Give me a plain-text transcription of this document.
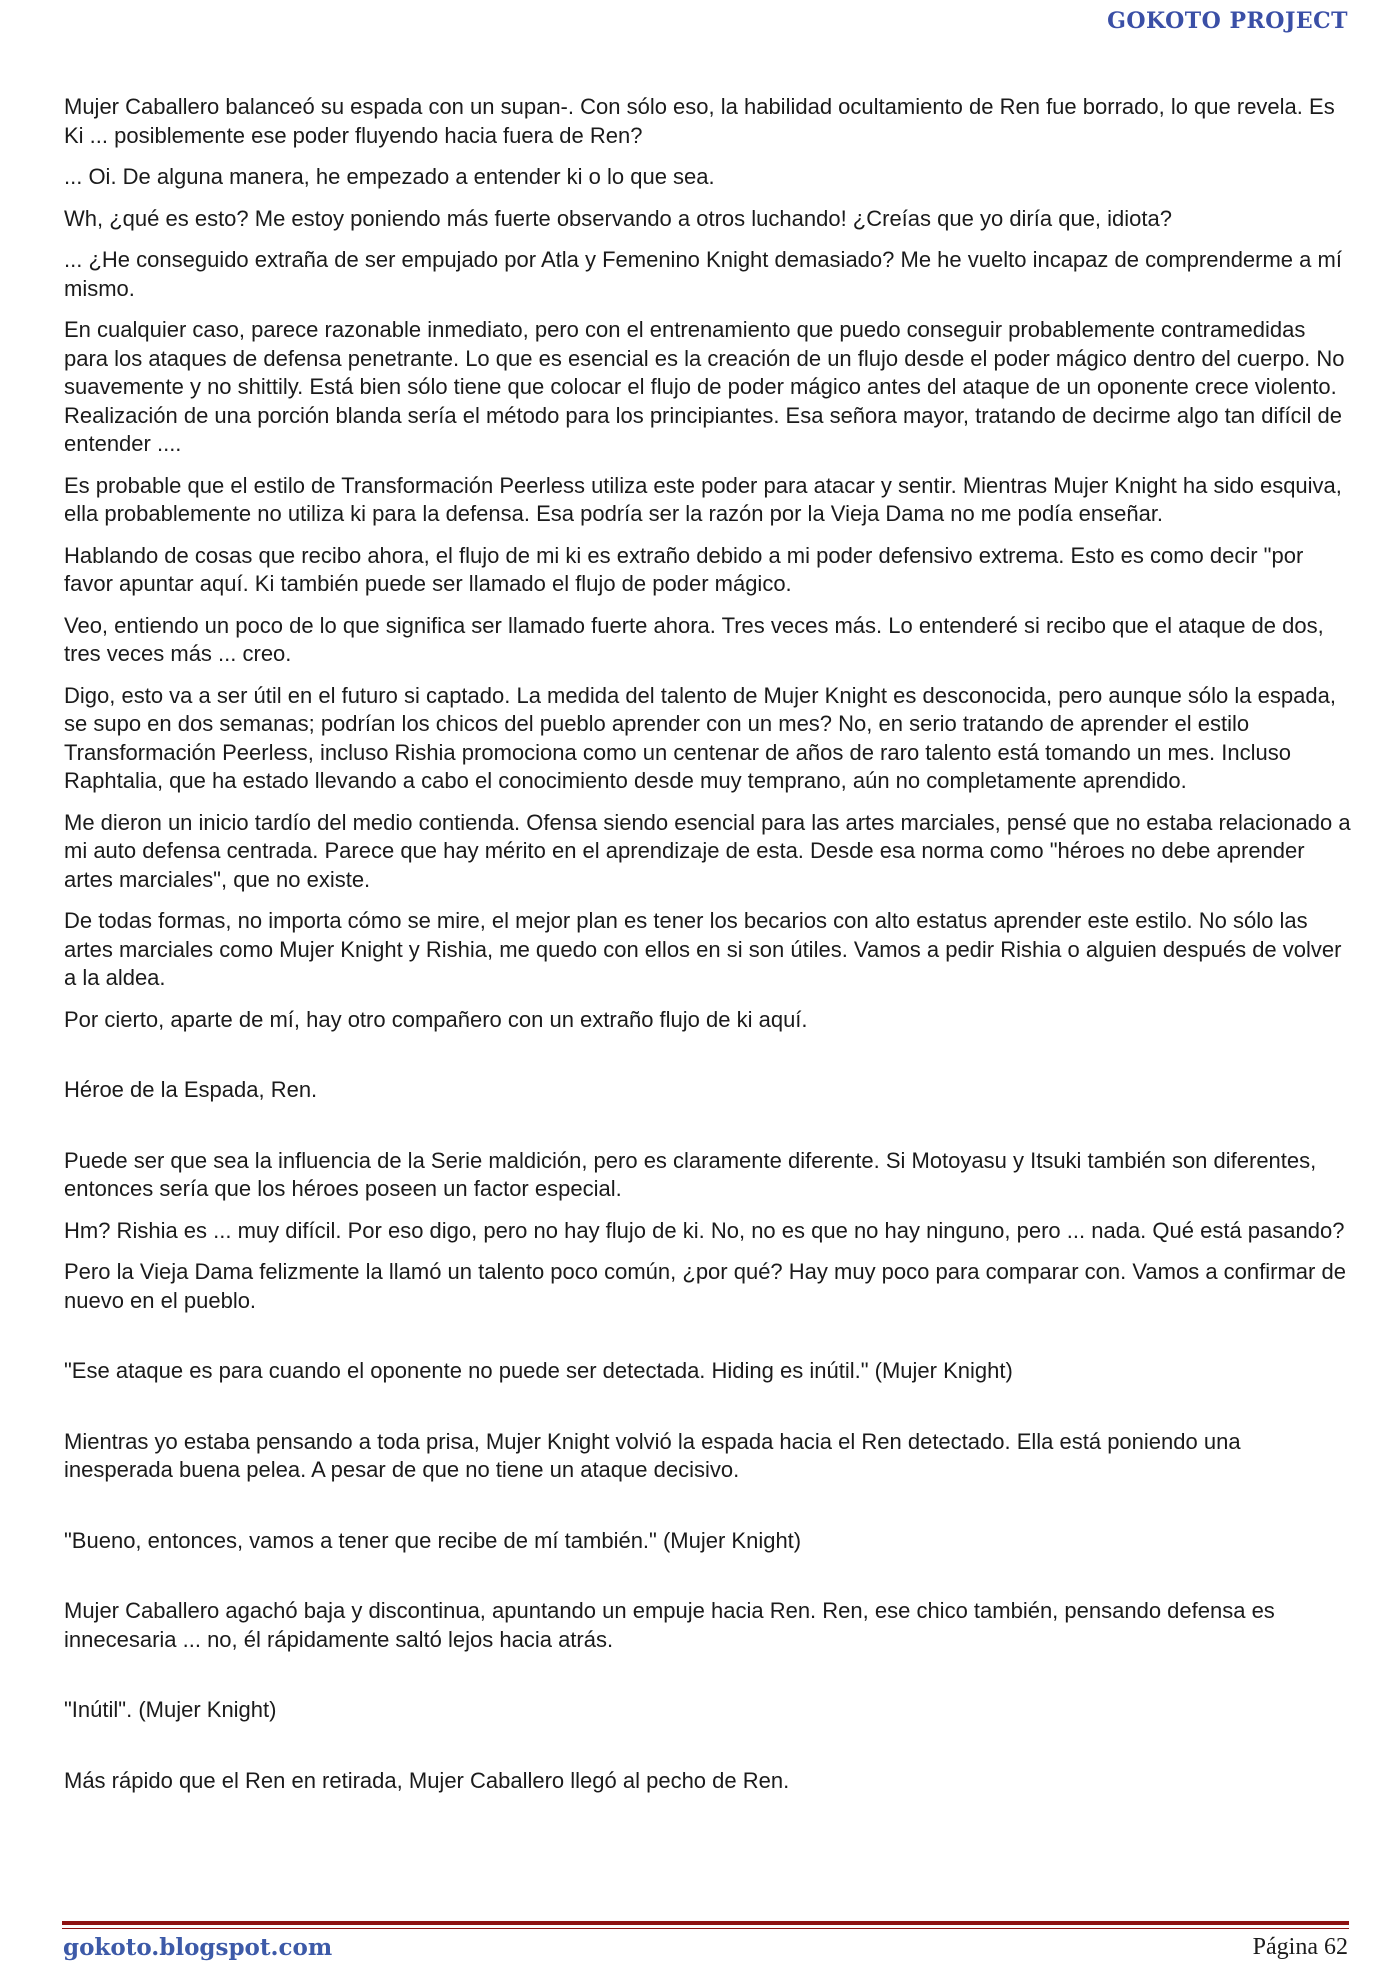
GOKOTO PROJECT

Mujer Caballero balanceó su espada con un supan-. Con sólo eso, la habilidad ocultamiento de Ren fue borrado, lo que revela. Es Ki ... posiblemente ese poder fluyendo hacia fuera de Ren?

... Oi. De alguna manera, he empezado a entender ki o lo que sea.

Wh, ¿qué es esto? Me estoy poniendo más fuerte observando a otros luchando! ¿Creías que yo diría que, idiota?

... ¿He conseguido extraña de ser empujado por Atla y Femenino Knight demasiado? Me he vuelto incapaz de comprenderme a mí mismo.

En cualquier caso, parece razonable inmediato, pero con el entrenamiento que puedo conseguir probablemente contramedidas para los ataques de defensa penetrante. Lo que es esencial es la creación de un flujo desde el poder mágico dentro del cuerpo. No suavemente y no shittily. Está bien sólo tiene que colocar el flujo de poder mágico antes del ataque de un oponente crece violento. Realización de una porción blanda sería el método para los principiantes. Esa señora mayor, tratando de decirme algo tan difícil de entender ....

Es probable que el estilo de Transformación Peerless utiliza este poder para atacar y sentir. Mientras Mujer Knight ha sido esquiva, ella probablemente no utiliza ki para la defensa. Esa podría ser la razón por la Vieja Dama no me podía enseñar.

Hablando de cosas que recibo ahora, el flujo de mi ki es extraño debido a mi poder defensivo extrema. Esto es como decir "por favor apuntar aquí. Ki también puede ser llamado el flujo de poder mágico.

Veo, entiendo un poco de lo que significa ser llamado fuerte ahora. Tres veces más. Lo entenderé si recibo que el ataque de dos, tres veces más ... creo.

Digo, esto va a ser útil en el futuro si captado. La medida del talento de Mujer Knight es desconocida, pero aunque sólo la espada, se supo en dos semanas; podrían los chicos del pueblo aprender con un mes? No, en serio tratando de aprender el estilo Transformación Peerless, incluso Rishia promociona como un centenar de años de raro talento está tomando un mes. Incluso Raphtalia, que ha estado llevando a cabo el conocimiento desde muy temprano, aún no completamente aprendido.

Me dieron un inicio tardío del medio contienda. Ofensa siendo esencial para las artes marciales, pensé que no estaba relacionado a mi auto defensa centrada. Parece que hay mérito en el aprendizaje de esta. Desde esa norma como "héroes no debe aprender artes marciales", que no existe.

De todas formas, no importa cómo se mire, el mejor plan es tener los becarios con alto estatus aprender este estilo. No sólo las artes marciales como Mujer Knight y Rishia, me quedo con ellos en si son útiles. Vamos a pedir Rishia o alguien después de volver a la aldea.

Por cierto, aparte de mí, hay otro compañero con un extraño flujo de ki aquí.

Héroe de la Espada, Ren.

Puede ser que sea la influencia de la Serie maldición, pero es claramente diferente. Si Motoyasu y Itsuki también son diferentes, entonces sería que los héroes poseen un factor especial.

Hm? Rishia es ... muy difícil. Por eso digo, pero no hay flujo de ki. No, no es que no hay ninguno, pero ... nada. Qué está pasando?

Pero la Vieja Dama felizmente la llamó un talento poco común, ¿por qué? Hay muy poco para comparar con. Vamos a confirmar de nuevo en el pueblo.

"Ese ataque es para cuando el oponente no puede ser detectada. Hiding es inútil." (Mujer Knight)

Mientras yo estaba pensando a toda prisa, Mujer Knight volvió la espada hacia el Ren detectado. Ella está poniendo una inesperada buena pelea. A pesar de que no tiene un ataque decisivo.

"Bueno, entonces, vamos a tener que recibe de mí también." (Mujer Knight)

Mujer Caballero agachó baja y discontinua, apuntando un empuje hacia Ren. Ren, ese chico también, pensando defensa es innecesaria ... no, él rápidamente saltó lejos hacia atrás.

"Inútil". (Mujer Knight)

Más rápido que el Ren en retirada, Mujer Caballero llegó al pecho de Ren.

gokoto.blogspot.com	Página 62
